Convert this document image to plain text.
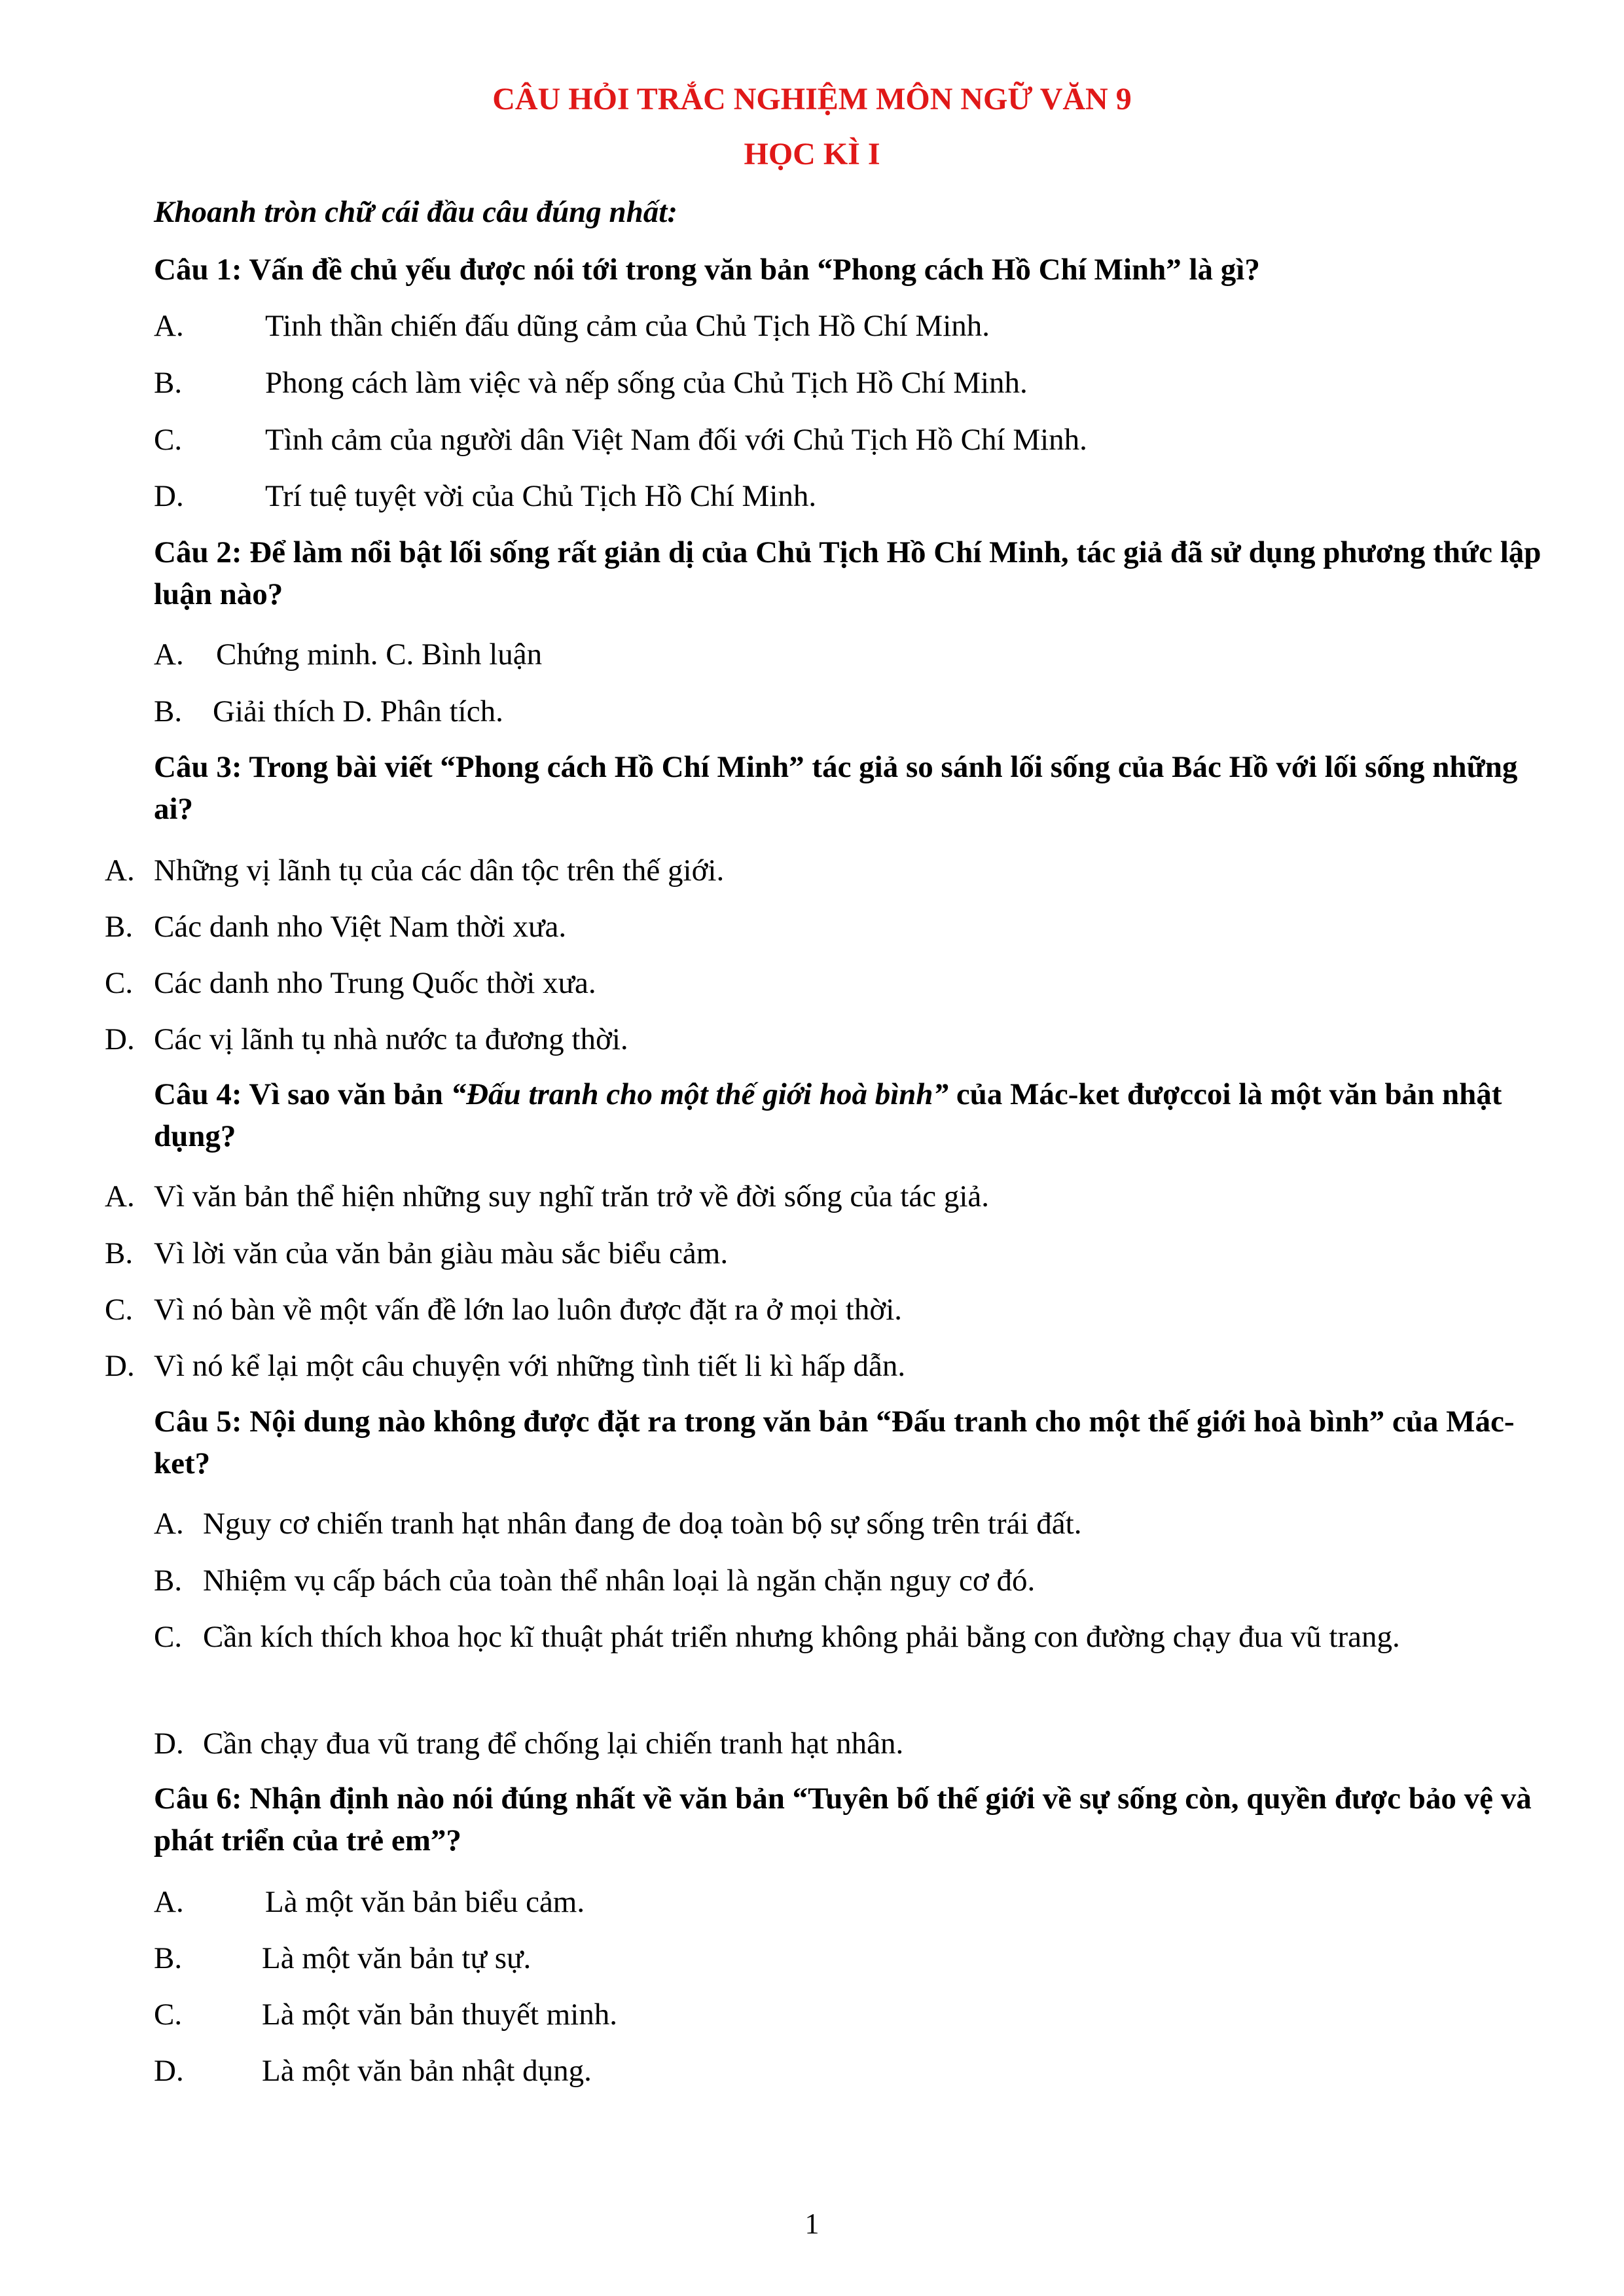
CÂU HỎI TRẮC NGHIỆM MÔN NGỮ VĂN 9
HỌC KÌ I
Khoanh tròn chữ cái đầu câu đúng nhất:
Câu 1: Vấn đề chủ yếu được nói tới trong văn bản “Phong cách Hồ Chí Minh” là gì?
A.	Tinh thần chiến đấu dũng cảm của Chủ Tịch Hồ Chí Minh.
B.	Phong cách làm việc và nếp sống của Chủ Tịch Hồ Chí Minh.
C.	Tình cảm của người dân Việt Nam đối với Chủ Tịch Hồ Chí Minh.
D.	Trí tuệ tuyệt vời của Chủ Tịch Hồ Chí Minh.
Câu 2: Để làm nổi bật lối sống rất giản dị của Chủ Tịch Hồ Chí Minh, tác giả đã sử dụng phương thức lập luận nào?
A. Chứng minh. C. Bình luận
B. Giải thích D. Phân tích.
Câu 3: Trong bài viết “Phong cách Hồ Chí Minh” tác giả so sánh lối sống của Bác Hồ với lối sống những ai?
A. Những vị lãnh tụ của các dân tộc trên thế giới.
B. Các danh nho Việt Nam thời xưa.
C. Các danh nho Trung Quốc thời xưa.
D. Các vị lãnh tụ nhà nước ta đương thời.
Câu 4: Vì sao văn bản “Đấu tranh cho một thế giới hoà bình” của Mác-ket đượccoi là một văn bản nhật dụng?
A. Vì văn bản thể hiện những suy nghĩ trăn trở về đời sống của tác giả.
B. Vì lời văn của văn bản giàu màu sắc biểu cảm.
C. Vì nó bàn về một vấn đề lớn lao luôn được đặt ra ở mọi thời.
D. Vì nó kể lại một câu chuyện với những tình tiết li kì hấp dẫn.
Câu 5: Nội dung nào không được đặt ra trong văn bản “Đấu tranh cho một thế giới hoà bình” của Mác-ket?
A. Nguy cơ chiến tranh hạt nhân đang đe doạ toàn bộ sự sống trên trái đất.
B. Nhiệm vụ cấp bách của toàn thể nhân loại là ngăn chặn nguy cơ đó.
C. Cần kích thích khoa học kĩ thuật phát triển nhưng không phải bằng con đường chạy đua vũ trang.
D. Cần chạy đua vũ trang để chống lại chiến tranh hạt nhân.
Câu 6: Nhận định nào nói đúng nhất về văn bản “Tuyên bố thế giới về sự sống còn, quyền được bảo vệ và phát triển của trẻ em”?
A.	Là một văn bản biểu cảm.
B.	Là một văn bản tự sự.
C.	Là một văn bản thuyết minh.
D.	Là một văn bản nhật dụng.
1
